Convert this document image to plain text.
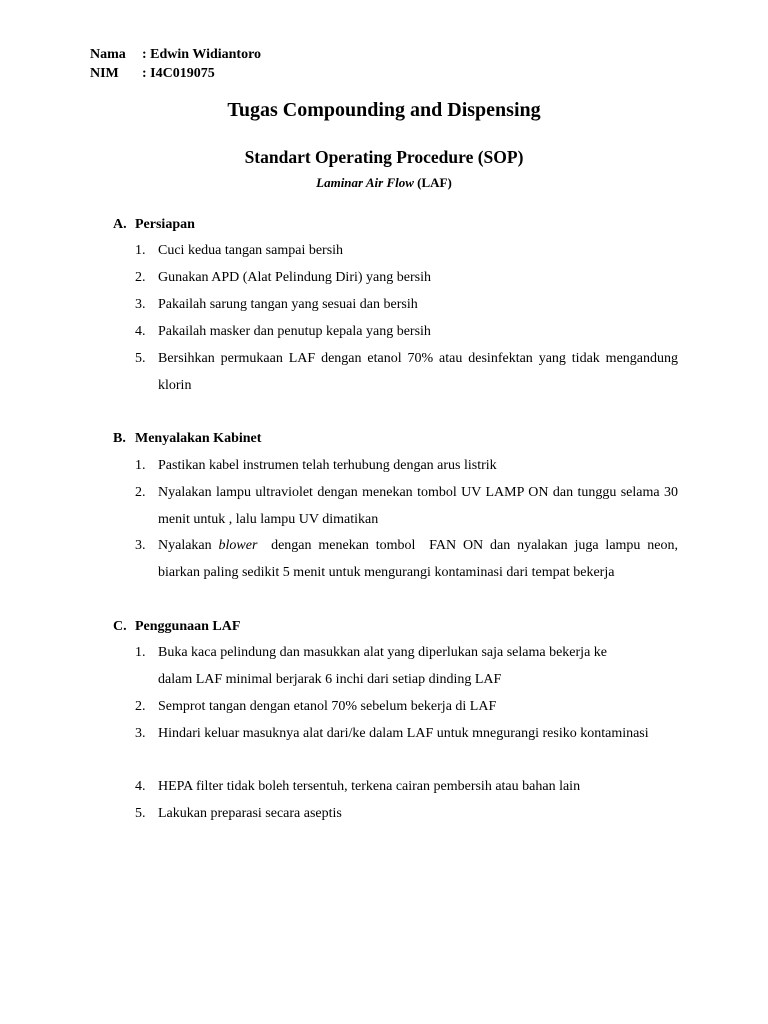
Nama : Edwin Widiantoro
NIM : I4C019075
Tugas Compounding and Dispensing
Standart Operating Procedure (SOP)
Laminar Air Flow (LAF)
A. Persiapan
1. Cuci kedua tangan sampai bersih
2. Gunakan APD (Alat Pelindung Diri) yang bersih
3. Pakailah sarung tangan yang sesuai dan bersih
4. Pakailah masker dan penutup kepala yang bersih
5. Bersihkan permukaan LAF dengan etanol 70% atau desinfektan yang tidak mengandung klorin
B. Menyalakan Kabinet
1. Pastikan kabel instrumen telah terhubung dengan arus listrik
2. Nyalakan lampu ultraviolet dengan menekan tombol UV LAMP ON dan tunggu selama 30 menit untuk , lalu lampu UV dimatikan
3. Nyalakan blower  dengan menekan tombol  FAN ON dan nyalakan juga lampu neon, biarkan paling sedikit 5 menit untuk mengurangi kontaminasi dari tempat bekerja
C. Penggunaan LAF
1. Buka kaca pelindung dan masukkan alat yang diperlukan saja selama bekerja ke
dalam LAF minimal berjarak 6 inchi dari setiap dinding LAF
2. Semprot tangan dengan etanol 70% sebelum bekerja di LAF
3. Hindari keluar masuknya alat dari/ke dalam LAF untuk mnegurangi resiko kontaminasi
4. HEPA filter tidak boleh tersentuh, terkena cairan pembersih atau bahan lain
5. Lakukan preparasi secara aseptis
